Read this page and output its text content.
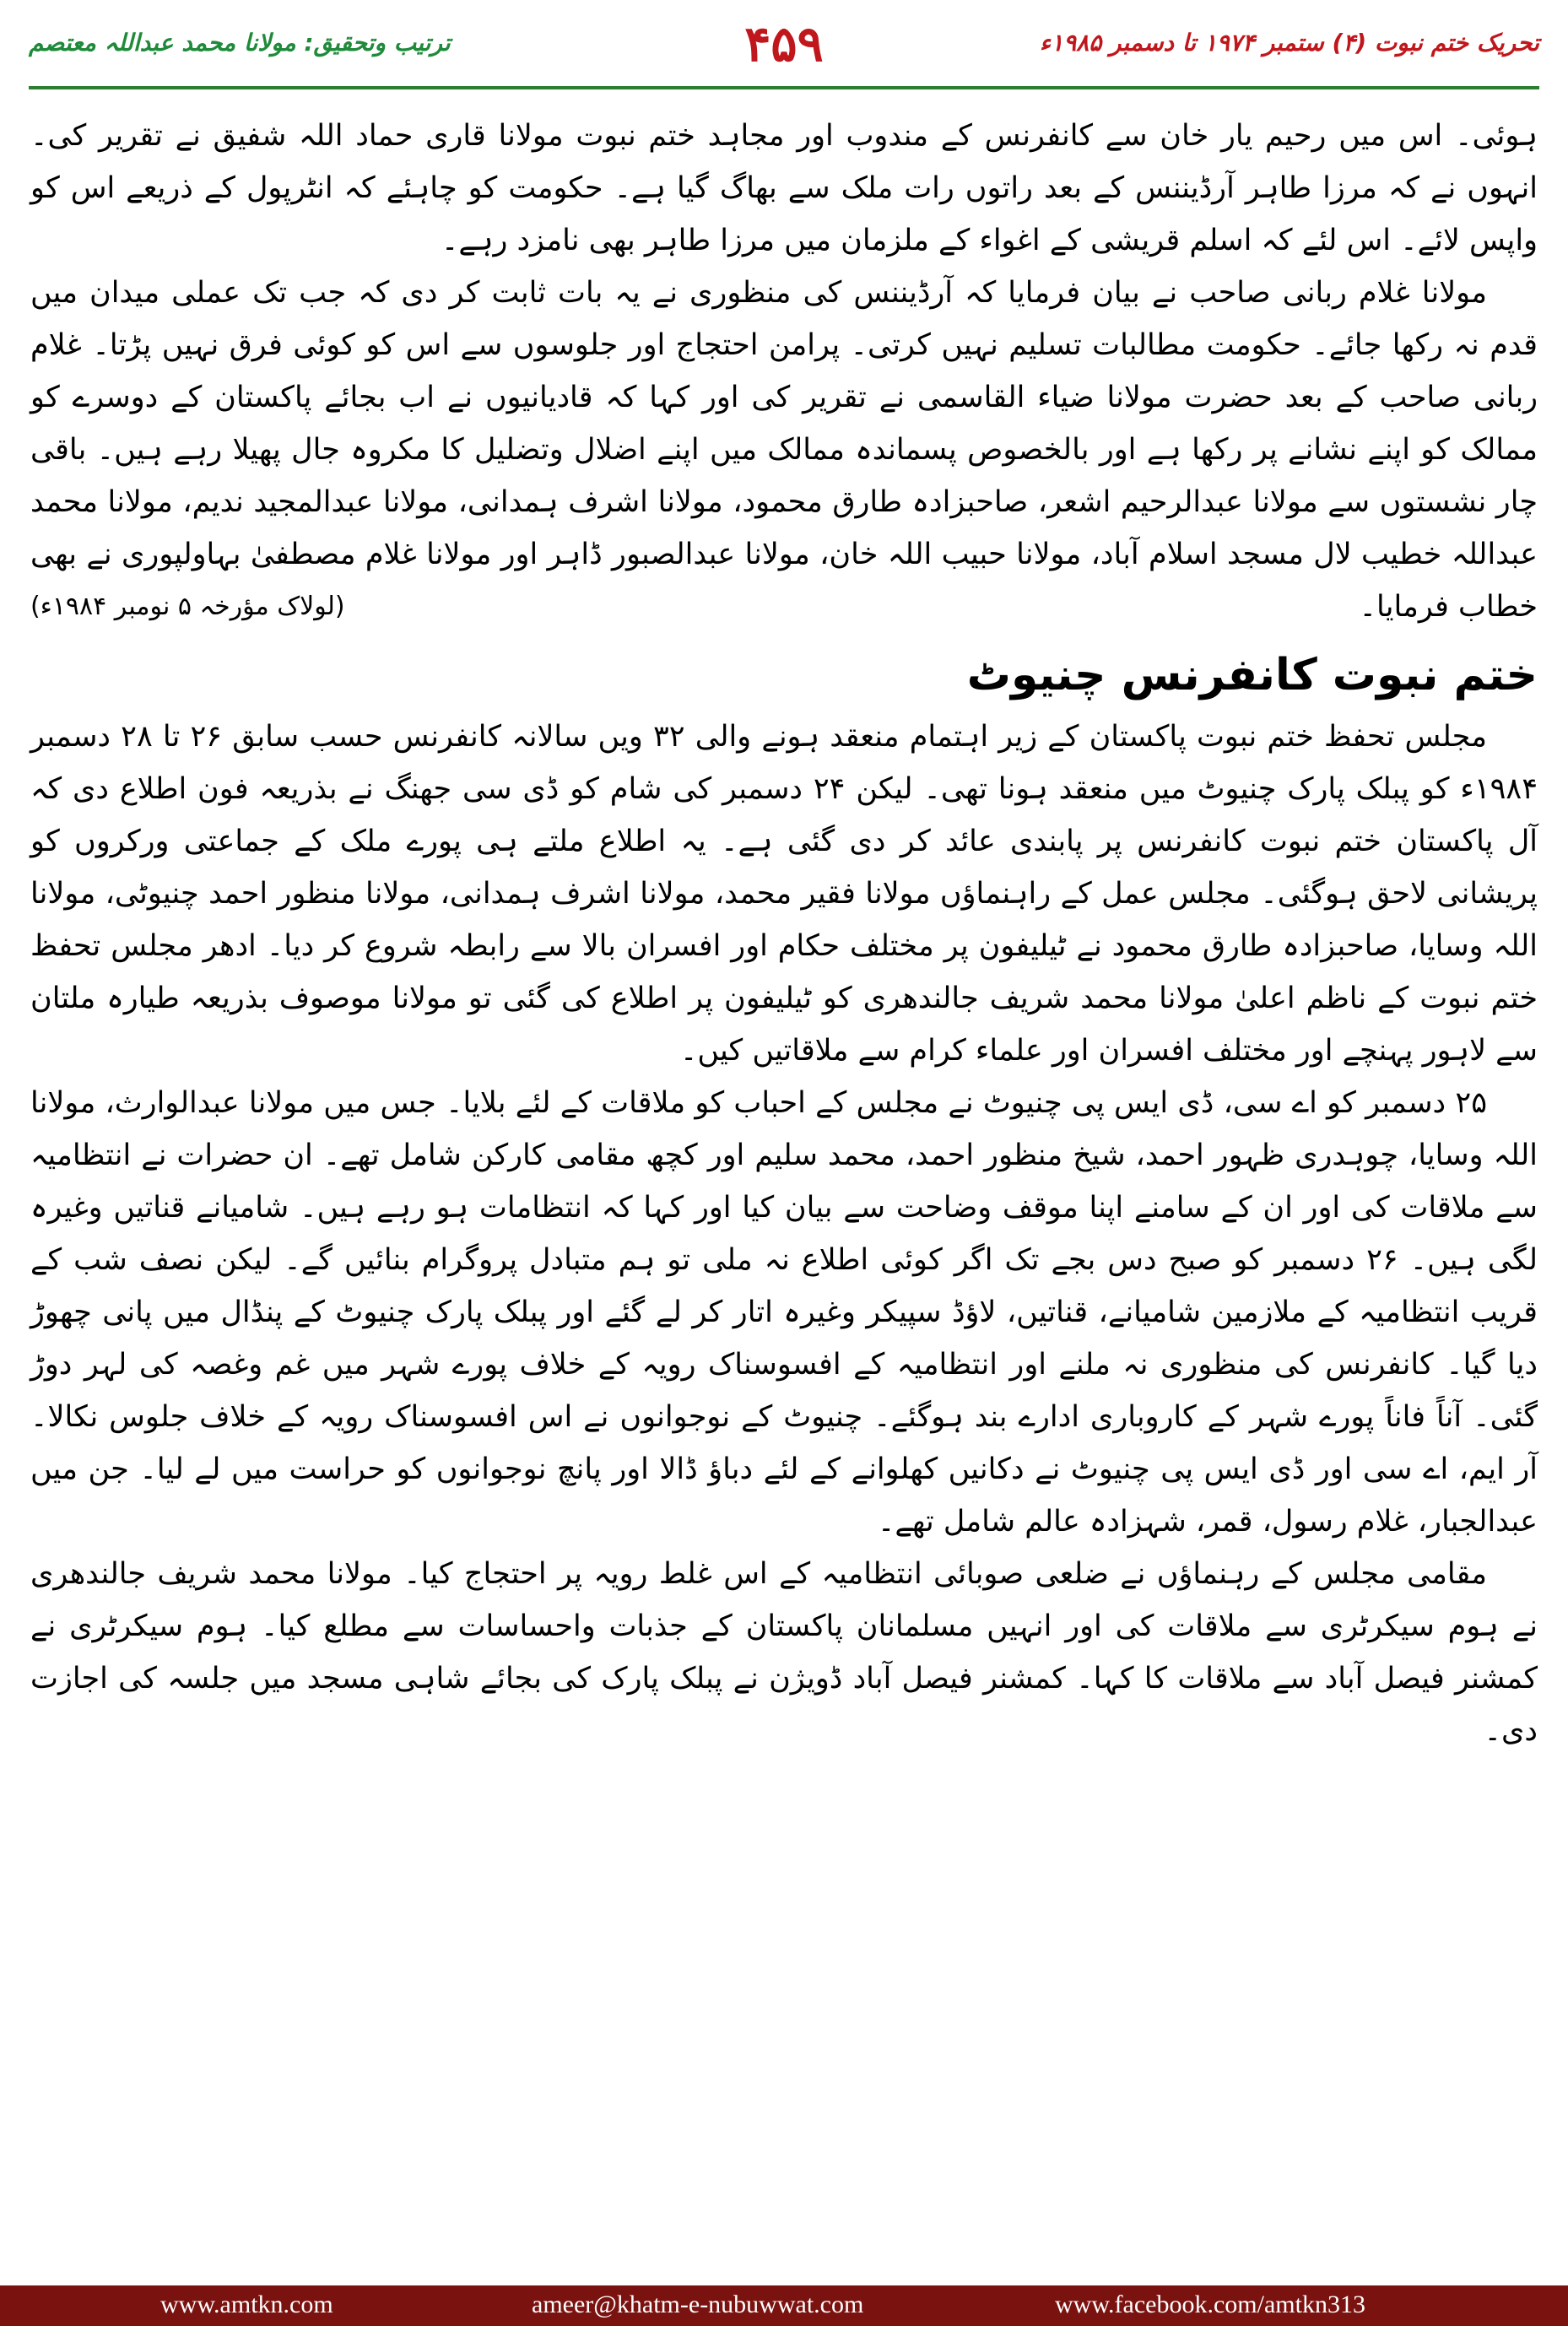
ترتیب وتحقیق: مولانا محمد عبداللہ معتصم	۴۵۹	تحریک ختم نبوت (۴) ستمبر ۱۹۷۴ تا دسمبر ۱۹۸۵ء

ہوئی۔ اس میں رحیم یار خان سے کانفرنس کے مندوب اور مجاہد ختم نبوت مولانا قاری حماد اللہ شفیق نے تقریر کی۔ انہوں نے کہ مرزا طاہر آرڈیننس کے بعد راتوں رات ملک سے بھاگ گیا ہے۔ حکومت کو چاہئے کہ انٹرپول کے ذریعے اس کو واپس لائے۔ اس لئے کہ اسلم قریشی کے اغواء کے ملزمان میں مرزا طاہر بھی نامزد رہے۔

مولانا غلام ربانی صاحب نے بیان فرمایا کہ آرڈیننس کی منظوری نے یہ بات ثابت کر دی کہ جب تک عملی میدان میں قدم نہ رکھا جائے۔ حکومت مطالبات تسلیم نہیں کرتی۔ پرامن احتجاج اور جلوسوں سے اس کو کوئی فرق نہیں پڑتا۔ غلام ربانی صاحب کے بعد حضرت مولانا ضیاء القاسمی نے تقریر کی اور کہا کہ قادیانیوں نے اب بجائے پاکستان کے دوسرے کو ممالک کو اپنے نشانے پر رکھا ہے اور بالخصوص پسماندہ ممالک میں اپنے اضلال وتضلیل کا مکروہ جال پھیلا رہے ہیں۔ باقی چار نشستوں سے مولانا عبدالرحیم اشعر، صاحبزادہ طارق محمود، مولانا اشرف ہمدانی، مولانا عبدالمجید ندیم، مولانا محمد عبداللہ خطیب لال مسجد اسلام آباد، مولانا حبیب اللہ خان، مولانا عبدالصبور ڈاہر اور مولانا غلام مصطفیٰ بہاولپوری نے بھی خطاب فرمایا۔
(لولاک مؤرخہ ۵ نومبر ۱۹۸۴ء)

ختم نبوت کانفرنس چنیوٹ

مجلس تحفظ ختم نبوت پاکستان کے زیر اہتمام منعقد ہونے والی ۳۲ ویں سالانہ کانفرنس حسب سابق ۲۶ تا ۲۸ دسمبر ۱۹۸۴ء کو پبلک پارک چنیوٹ میں منعقد ہونا تھی۔ لیکن ۲۴ دسمبر کی شام کو ڈی سی جھنگ نے بذریعہ فون اطلاع دی کہ آل پاکستان ختم نبوت کانفرنس پر پابندی عائد کر دی گئی ہے۔ یہ اطلاع ملتے ہی پورے ملک کے جماعتی ورکروں کو پریشانی لاحق ہوگئی۔ مجلس عمل کے راہنماؤں مولانا فقیر محمد، مولانا اشرف ہمدانی، مولانا منظور احمد چنیوٹی، مولانا اللہ وسایا، صاحبزادہ طارق محمود نے ٹیلیفون پر مختلف حکام اور افسران بالا سے رابطہ شروع کر دیا۔ ادھر مجلس تحفظ ختم نبوت کے ناظم اعلیٰ مولانا محمد شریف جالندھری کو ٹیلیفون پر اطلاع کی گئی تو مولانا موصوف بذریعہ طیارہ ملتان سے لاہور پہنچے اور مختلف افسران اور علماء کرام سے ملاقاتیں کیں۔

۲۵ دسمبر کو اے سی، ڈی ایس پی چنیوٹ نے مجلس کے احباب کو ملاقات کے لئے بلایا۔ جس میں مولانا عبدالوارث، مولانا اللہ وسایا، چوہدری ظہور احمد، شیخ منظور احمد، محمد سلیم اور کچھ مقامی کارکن شامل تھے۔ ان حضرات نے انتظامیہ سے ملاقات کی اور ان کے سامنے اپنا موقف وضاحت سے بیان کیا اور کہا کہ انتظامات ہو رہے ہیں۔ شامیانے قناتیں وغیرہ لگی ہیں۔ ۲۶ دسمبر کو صبح دس بجے تک اگر کوئی اطلاع نہ ملی تو ہم متبادل پروگرام بنائیں گے۔ لیکن نصف شب کے قریب انتظامیہ کے ملازمین شامیانے، قناتیں، لاؤڈ سپیکر وغیرہ اتار کر لے گئے اور پبلک پارک چنیوٹ کے پنڈال میں پانی چھوڑ دیا گیا۔ کانفرنس کی منظوری نہ ملنے اور انتظامیہ کے افسوسناک رویہ کے خلاف پورے شہر میں غم وغصہ کی لہر دوڑ گئی۔ آناً فاناً پورے شہر کے کاروباری ادارے بند ہوگئے۔ چنیوٹ کے نوجوانوں نے اس افسوسناک رویہ کے خلاف جلوس نکالا۔ آر ایم، اے سی اور ڈی ایس پی چنیوٹ نے دکانیں کھلوانے کے لئے دباؤ ڈالا اور پانچ نوجوانوں کو حراست میں لے لیا۔ جن میں عبدالجبار، غلام رسول، قمر، شہزادہ عالم شامل تھے۔

مقامی مجلس کے رہنماؤں نے ضلعی صوبائی انتظامیہ کے اس غلط رویہ پر احتجاج کیا۔ مولانا محمد شریف جالندھری نے ہوم سیکرٹری سے ملاقات کی اور انہیں مسلمانان پاکستان کے جذبات واحساسات سے مطلع کیا۔ ہوم سیکرٹری نے کمشنر فیصل آباد سے ملاقات کا کہا۔ کمشنر فیصل آباد ڈویژن نے پبلک پارک کی بجائے شاہی مسجد میں جلسہ کی اجازت دی۔

www.amtkn.com	ameer@khatm-e-nubuwwat.com	www.facebook.com/amtkn313
